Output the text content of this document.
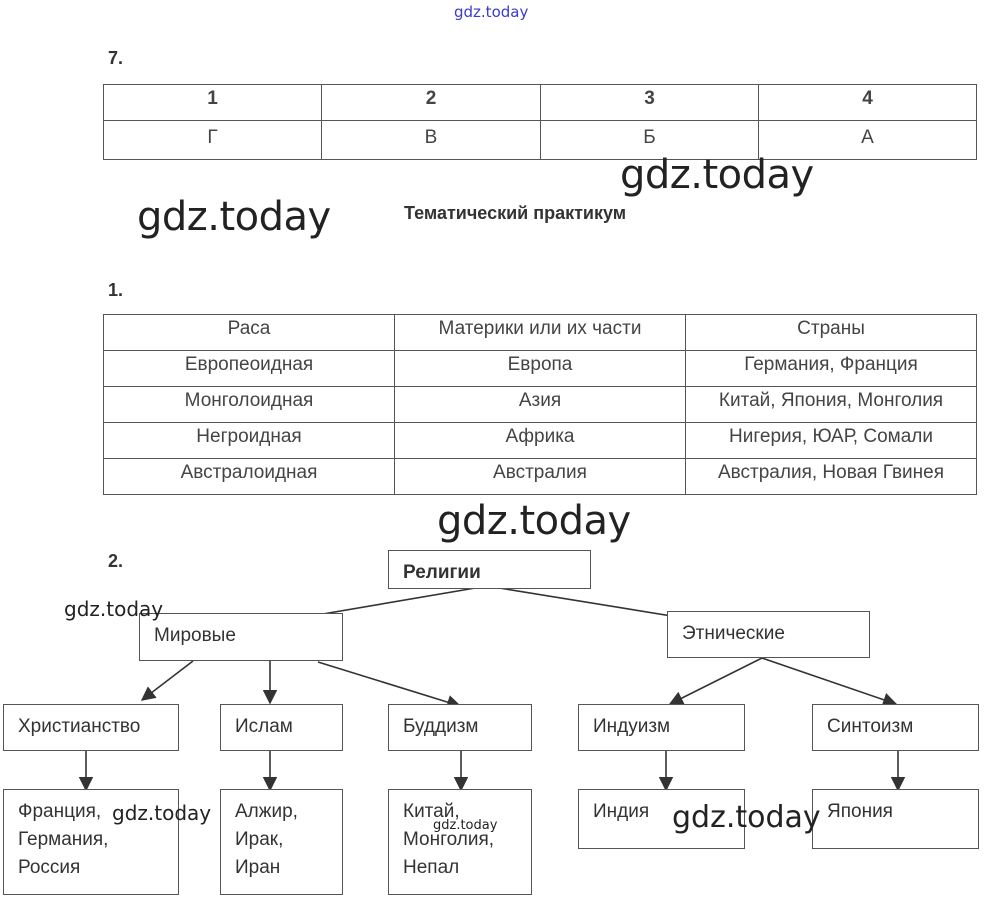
gdz.today
7.
1	2	3	4
Г	В	Б	А
gdz.today
gdz.today	Тематический практикум
1.
Раса	Материки или их части	Страны
Европеоидная	Европа	Германия, Франция
Монголоидная	Азия	Китай, Япония, Монголия
Негроидная	Африка	Нигерия, ЮАР, Сомали
Австралоидная	Австралия	Австралия, Новая Гвинея
gdz.today
2.
Религии
Мировые	Этнические
Христианство	Ислам	Буддизм	Индуизм	Синтоизм
Франция,
Германия,
Россия
Алжир,
Ирак,
Иран
Китай,
Монголия,
Непал
Индия	Япония
gdz.today
gdz.today
gdz.today	gdz.today
